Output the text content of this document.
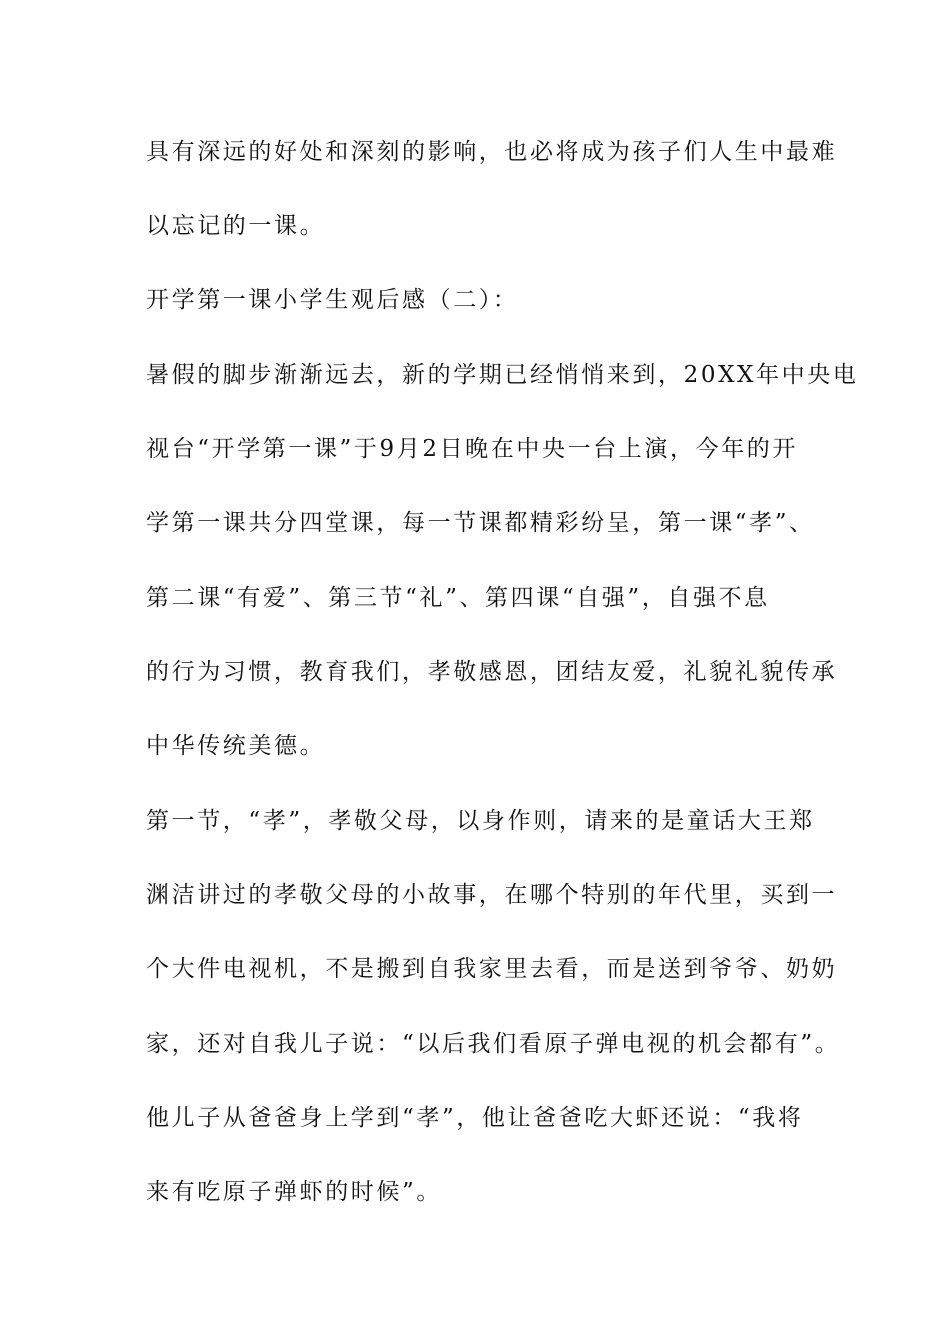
具有深远的好处和深刻的影响，也必将成为孩子们人生中最难
以忘记的一课。
开学第一课小学生观后感（二）：
暑假的脚步渐渐远去，新的学期已经悄悄来到，20XX年中央电
视台“开学第一课”于9月2日晚在中央一台上演，今年的开
学第一课共分四堂课，每一节课都精彩纷呈，第一课“孝”、
第二课“有爱”、第三节“礼”、第四课“自强”，自强不息
的行为习惯，教育我们，孝敬感恩，团结友爱，礼貌礼貌传承
中华传统美德。
第一节，“孝”，孝敬父母，以身作则，请来的是童话大王郑
渊洁讲过的孝敬父母的小故事，在哪个特别的年代里，买到一
个大件电视机，不是搬到自我家里去看，而是送到爷爷、奶奶
家，还对自我儿子说：“以后我们看原子弹电视的机会都有”。
他儿子从爸爸身上学到“孝”，他让爸爸吃大虾还说：“我将
来有吃原子弹虾的时候”。
